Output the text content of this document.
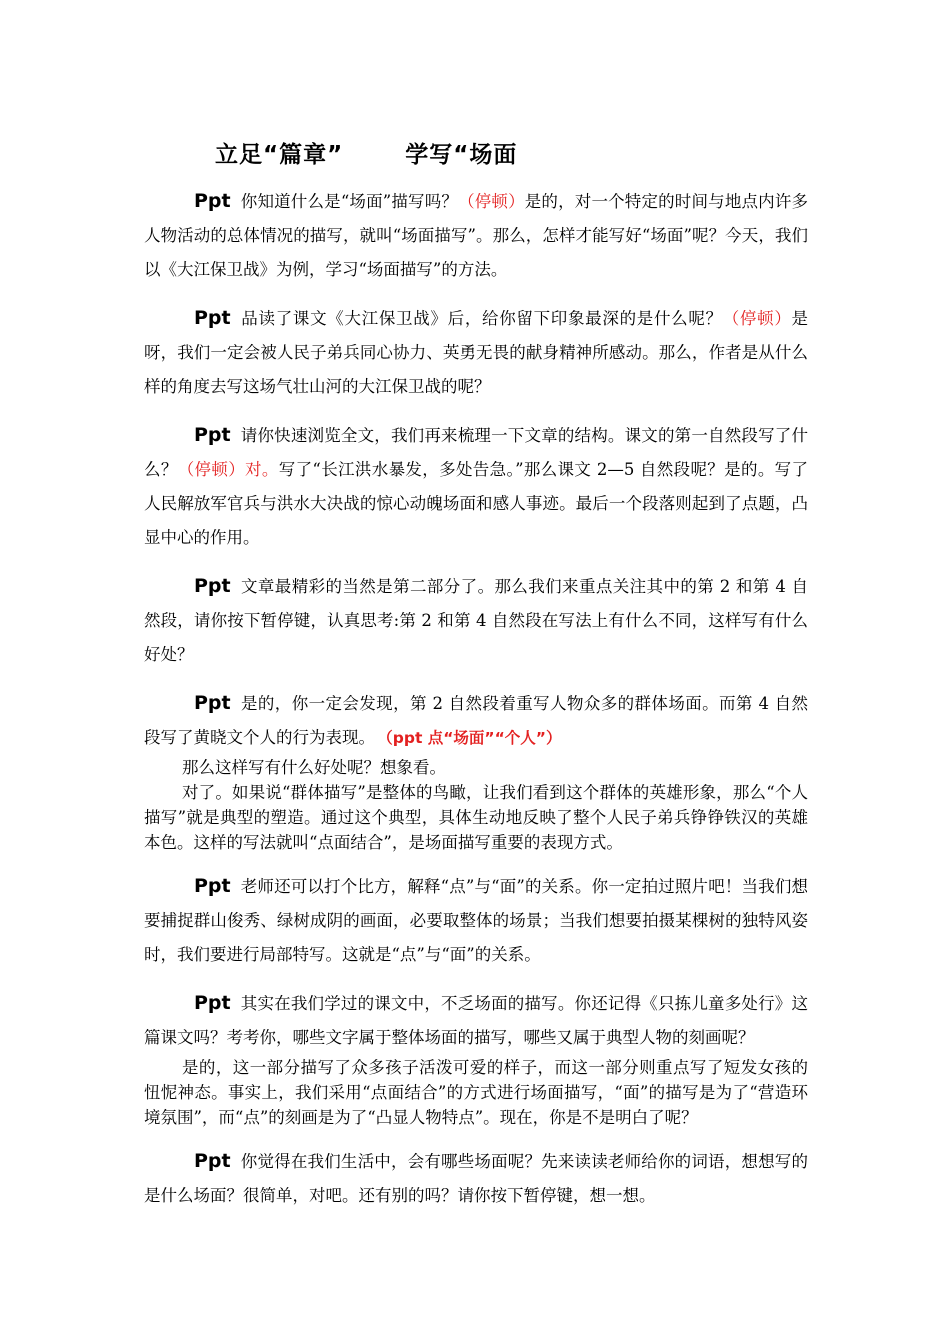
立足“篇章”	学写“场面

Ppt 你知道什么是“场面”描写吗？（停顿）是的，对一个特定的时间与地点内许多人物活动的总体情况的描写，就叫“场面描写”。那么，怎样才能写好“场面”呢？今天，我们以《大江保卫战》为例，学习“场面描写”的方法。

Ppt 品读了课文《大江保卫战》后，给你留下印象最深的是什么呢？（停顿）是呀，我们一定会被人民子弟兵同心协力、英勇无畏的献身精神所感动。那么，作者是从什么样的角度去写这场气壮山河的大江保卫战的呢？

Ppt 请你快速浏览全文，我们再来梳理一下文章的结构。课文的第一自然段写了什么？（停顿）对。写了“长江洪水暴发，多处告急。”那么课文 2—5 自然段呢？是的。写了人民解放军官兵与洪水大决战的惊心动魄场面和感人事迹。最后一个段落则起到了点题，凸显中心的作用。

Ppt 文章最精彩的当然是第二部分了。那么我们来重点关注其中的第 2 和第 4 自然段，请你按下暂停键，认真思考:第 2 和第 4 自然段在写法上有什么不同，这样写有什么好处？

Ppt 是的，你一定会发现，第 2 自然段着重写人物众多的群体场面。而第 4 自然段写了黄晓文个人的行为表现。 （ppt 点“场面”“个人”）

那么这样写有什么好处呢？想象看。

对了。如果说“群体描写”是整体的鸟瞰，让我们看到这个群体的英雄形象，那么“个人描写”就是典型的塑造。通过这个典型，具体生动地反映了整个人民子弟兵铮铮铁汉的英雄本色。这样的写法就叫“点面结合”，是场面描写重要的表现方式。

Ppt 老师还可以打个比方，解释“点”与“面”的关系。你一定拍过照片吧！当我们想要捕捉群山俊秀、绿树成阴的画面，必要取整体的场景；当我们想要拍摄某棵树的独特风姿时，我们要进行局部特写。这就是“点”与“面”的关系。

Ppt 其实在我们学过的课文中，不乏场面的描写。你还记得《只拣儿童多处行》这篇课文吗？考考你，哪些文字属于整体场面的描写，哪些又属于典型人物的刻画呢？

是的，这一部分描写了众多孩子活泼可爱的样子，而这一部分则重点写了短发女孩的忸怩神态。事实上，我们采用“点面结合”的方式进行场面描写，“面”的描写是为了“营造环境氛围”，而“点”的刻画是为了“凸显人物特点”。现在，你是不是明白了呢？

Ppt 你觉得在我们生活中，会有哪些场面呢？先来读读老师给你的词语，想想写的是什么场面？很简单，对吧。还有别的吗？请你按下暂停键，想一想。
